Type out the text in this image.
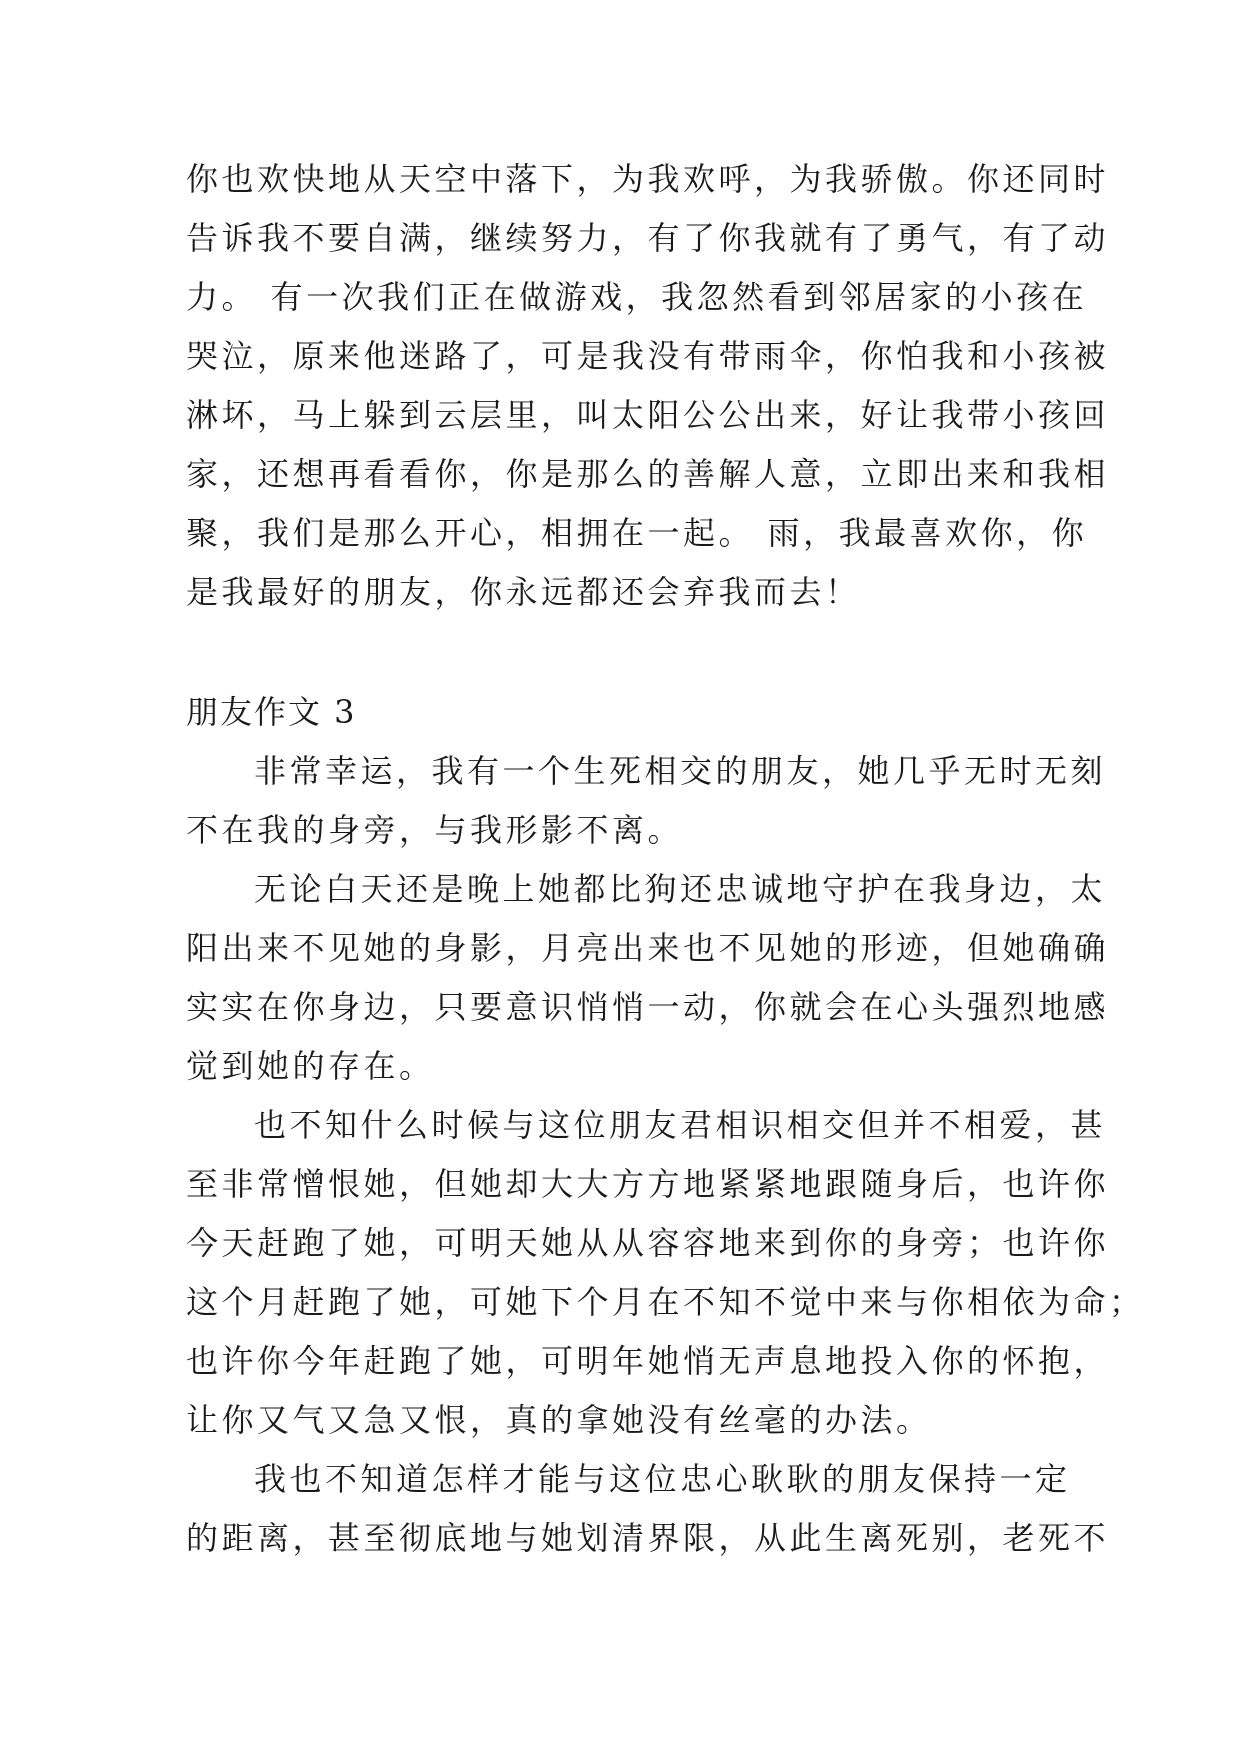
你也欢快地从天空中落下，为我欢呼，为我骄傲。你还同时
告诉我不要自满，继续努力，有了你我就有了勇气，有了动
力。 有一次我们正在做游戏，我忽然看到邻居家的小孩在
哭泣，原来他迷路了，可是我没有带雨伞，你怕我和小孩被
淋坏，马上躲到云层里，叫太阳公公出来，好让我带小孩回
家，还想再看看你，你是那么的善解人意，立即出来和我相
聚，我们是那么开心，相拥在一起。 雨，我最喜欢你，你
是我最好的朋友，你永远都还会弃我而去！
朋友作文 3
非常幸运，我有一个生死相交的朋友，她几乎无时无刻
不在我的身旁，与我形影不离。
无论白天还是晚上她都比狗还忠诚地守护在我身边，太
阳出来不见她的身影，月亮出来也不见她的形迹，但她确确
实实在你身边，只要意识悄悄一动，你就会在心头强烈地感
觉到她的存在。
也不知什么时候与这位朋友君相识相交但并不相爱，甚
至非常憎恨她，但她却大大方方地紧紧地跟随身后，也许你
今天赶跑了她，可明天她从从容容地来到你的身旁；也许你
这个月赶跑了她，可她下个月在不知不觉中来与你相依为命；
也许你今年赶跑了她，可明年她悄无声息地投入你的怀抱，
让你又气又急又恨，真的拿她没有丝毫的办法。
我也不知道怎样才能与这位忠心耿耿的朋友保持一定
的距离，甚至彻底地与她划清界限，从此生离死别，老死不
